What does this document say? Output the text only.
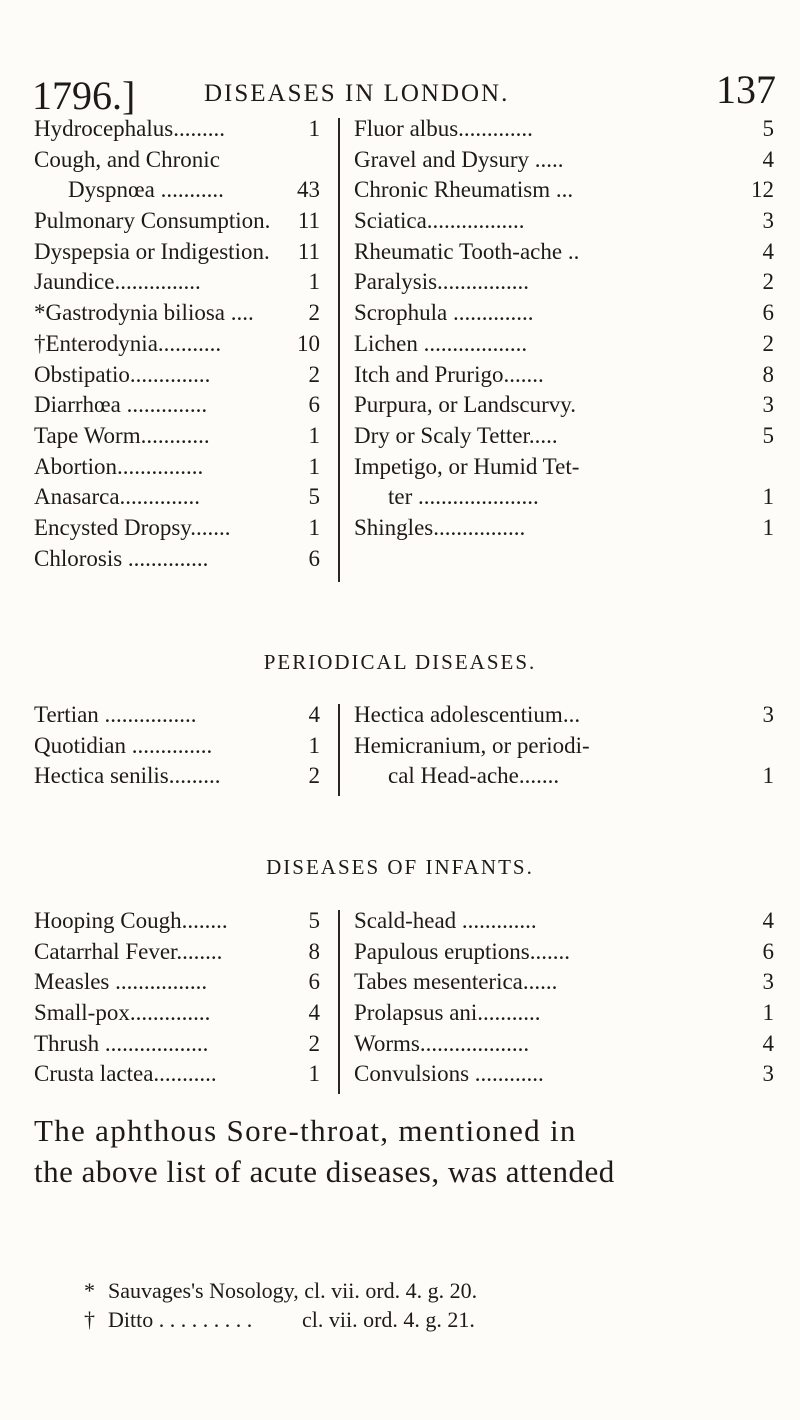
1796.]	DISEASES IN LONDON.	137
Hydrocephalus.........	1
Cough, and Chronic
Dyspnœa ...........	43
Pulmonary Consumption. 11
Dyspepsia or Indigestion. 11
Jaundice...............	1
*Gastrodynia biliosa .... 2
†Enterodynia...........	10
Obstipatio..............	2
Diarrhœa ..............	6
Tape Worm............	1
Abortion...............	1
Anasarca..............	5
Encysted Dropsy.......	1
Chlorosis ..............	6
Fluor albus.............	5
Gravel and Dysury .....	4
Chronic Rheumatism ...	12
Sciatica.................	3
Rheumatic Tooth-ache ..	4
Paralysis................	2
Scrophula ..............	6
Lichen ..................	2
Itch and Prurigo.......	8
Purpura, or Landscurvy.	3
Dry or Scaly Tetter.....	5
Impetigo, or Humid Tet-
ter .....................	1
Shingles................	1
PERIODICAL DISEASES.
Tertian ................	4
Quotidian ..............	1
Hectica senilis.........	2
Hectica adolescentium...	3
Hemicranium, or periodi-
cal Head-ache.......	1
DISEASES OF INFANTS.
Hooping Cough........	5
Catarrhal Fever........	8
Measles ................	6
Small-pox..............	4
Thrush ..................	2
Crusta lactea...........	1
Scald-head .............	4
Papulous eruptions.......	6
Tabes mesenterica......	3
Prolapsus ani...........	1
Worms...................	4
Convulsions ............	3
The aphthous Sore-throat, mentioned in
the above list of acute diseases, was attended
* Sauvages's Nosology, cl. vii. ord. 4. g. 20.
† Ditto . . . . . . . . . cl. vii. ord. 4. g. 21.
